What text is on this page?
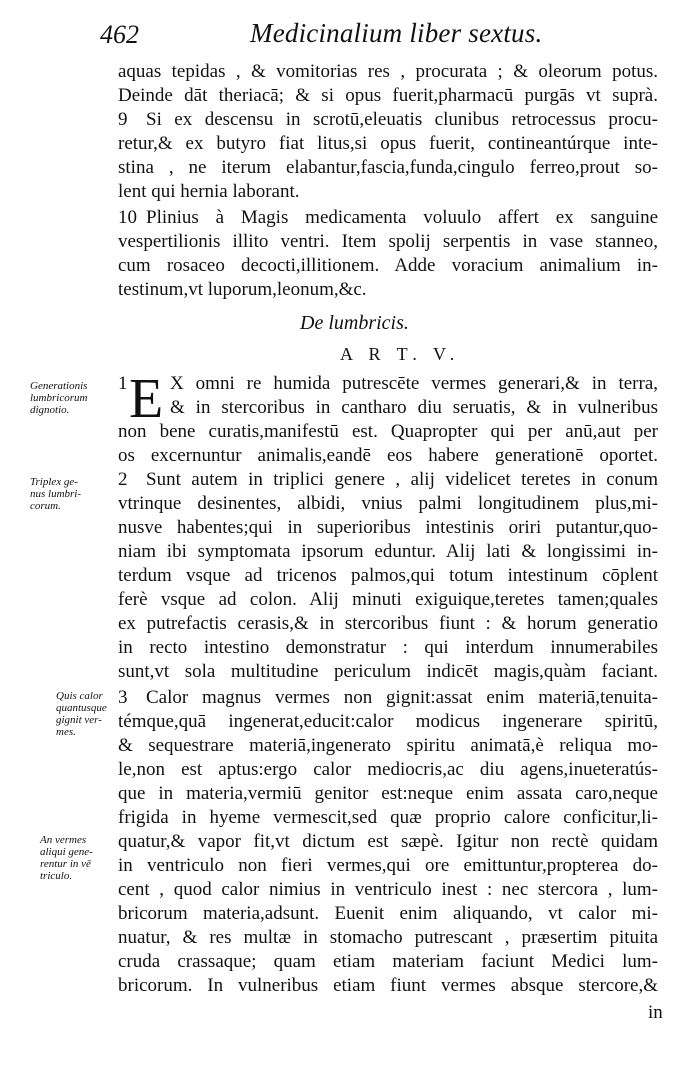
462	Medicinalium liber sextus.
aquas tepidas , & vomitorias res , procurata ; & oleorum potus.
Deinde dāt theriacā; & si opus fuerit,pharmacū purgās vt suprà.
9 Si ex descensu in scrotū,eleuatis clunibus retrocessus procu-
retur,& ex butyro fiat litus,si opus fuerit, contineantúrque inte-
stina , ne iterum elabantur,fascia,funda,cingulo ferreo,prout so-
lent qui hernia laborant.
10 Plinius à Magis medicamenta voluulo affert ex sanguine
vespertilionis illito ventri. Item spolij serpentis in vase stanneo,
cum rosaceo decocti,illitionem. Adde voracium animalium in-
testinum,vt luporum,leonum,&c.
De lumbricis.
A R T. V.
1 E X omni re humida putrescēte vermes generari,& in terra,
& in stercoribus in cantharo diu seruatis, & in vulneribus
non bene curatis,manifestū est. Quapropter qui per anū,aut per
os excernuntur animalis,eandē eos habere generationē oportet.
2 Sunt autem in triplici genere , alij videlicet teretes in conum
vtrinque desinentes, albidi, vnius palmi longitudinem plus,mi-
nusve habentes;qui in superioribus intestinis oriri putantur,quo-
niam ibi symptomata ipsorum eduntur. Alij lati & longissimi in-
terdum vsque ad tricenos palmos,qui totum intestinum cōplent
ferè vsque ad colon. Alij minuti exiguique,teretes tamen;quales
ex putrefactis cerasis,& in stercoribus fiunt : & horum generatio
in recto intestino demonstratur : qui interdum innumerabiles
sunt,vt sola multitudine periculum indicēt magis,quàm faciant.
3 Calor magnus vermes non gignit:assat enim materiā,tenuita-
témque,quā ingenerat,educit:calor modicus ingenerare spiritū,
& sequestrare materiā,ingenerato spiritu animatā,è reliqua mo-
le,non est aptus:ergo calor mediocris,ac diu agens,inueteratús-
que in materia,vermiū genitor est:neque enim assata caro,neque
frigida in hyeme vermescit,sed quæ proprio calore conficitur,li-
quatur,& vapor fit,vt dictum est sæpè. Igitur non rectè quidam
in ventriculo non fieri vermes,qui ore emittuntur,propterea do-
cent , quod calor nimius in ventriculo inest : nec stercora , lum-
bricorum materia,adsunt. Euenit enim aliquando, vt calor mi-
nuatur, & res multæ in stomacho putrescant , præsertim pituita
cruda crassaque; quam etiam materiam faciunt Medici lum-
bricorum. In vulneribus etiam fiunt vermes absque stercore,&
in
Generationis
lumbricorum
dignotio.
Triplex ge-
nus lumbri-
corum.
Quis calor
quantusque
gignit ver-
mes.
An vermes
aliqui gene-
rentur in vē
triculo.
